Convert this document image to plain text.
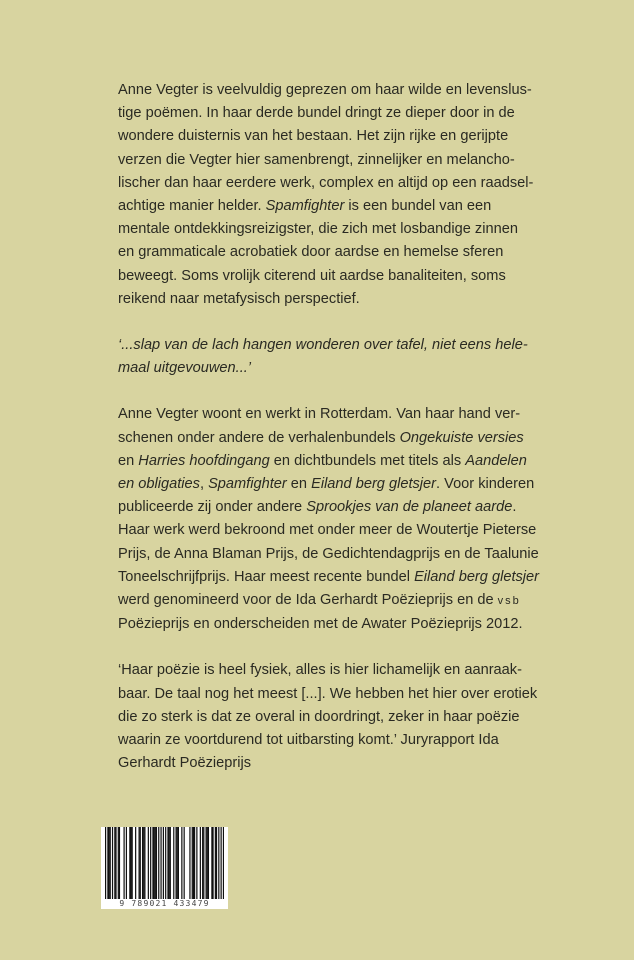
Anne Vegter is veelvuldig geprezen om haar wilde en levenslus-
tige poëmen. In haar derde bundel dringt ze dieper door in de
wondere duisternis van het bestaan. Het zijn rijke en gerijpte
verzen die Vegter hier samenbrengt, zinnelijker en melancho-
lischer dan haar eerdere werk, complex en altijd op een raadsel-
achtige manier helder. Spamfighter is een bundel van een
mentale ontdekkingsreizigster, die zich met losbandige zinnen
en grammaticale acrobatiek door aardse en hemelse sferen
beweegt. Soms vrolijk citerend uit aardse banaliteiten, soms
reikend naar metafysisch perspectief.
‘...slap van de lach hangen wonderen over tafel, niet eens hele-
maal uitgevouwen...’
Anne Vegter woont en werkt in Rotterdam. Van haar hand ver-
schenen onder andere de verhalenbundels Ongekuiste versies
en Harries hoofdingang en dichtbundels met titels als Aandelen
en obligaties, Spamfighter en Eiland berg gletsjer. Voor kinderen
publiceerde zij onder andere Sprookjes van de planeet aarde.
Haar werk werd bekroond met onder meer de Woutertje Pieterse
Prijs, de Anna Blaman Prijs, de Gedichtendagprijs en de Taalunie
Toneelschrijfprijs. Haar meest recente bundel Eiland berg gletsjer
werd genomineerd voor de Ida Gerhardt Poëzieprijs en de vsb
Poëzieprijs en onderscheiden met de Awater Poëzieprijs 2012.
‘Haar poëzie is heel fysiek, alles is hier lichamelijk en aanraak-
baar. De taal nog het meest [...]. We hebben het hier over erotiek
die zo sterk is dat ze overal in doordringt, zeker in haar poëzie
waarin ze voortdurend tot uitbarsting komt.’ Juryrapport Ida
Gerhardt Poëzieprijs
9 789021 433479
